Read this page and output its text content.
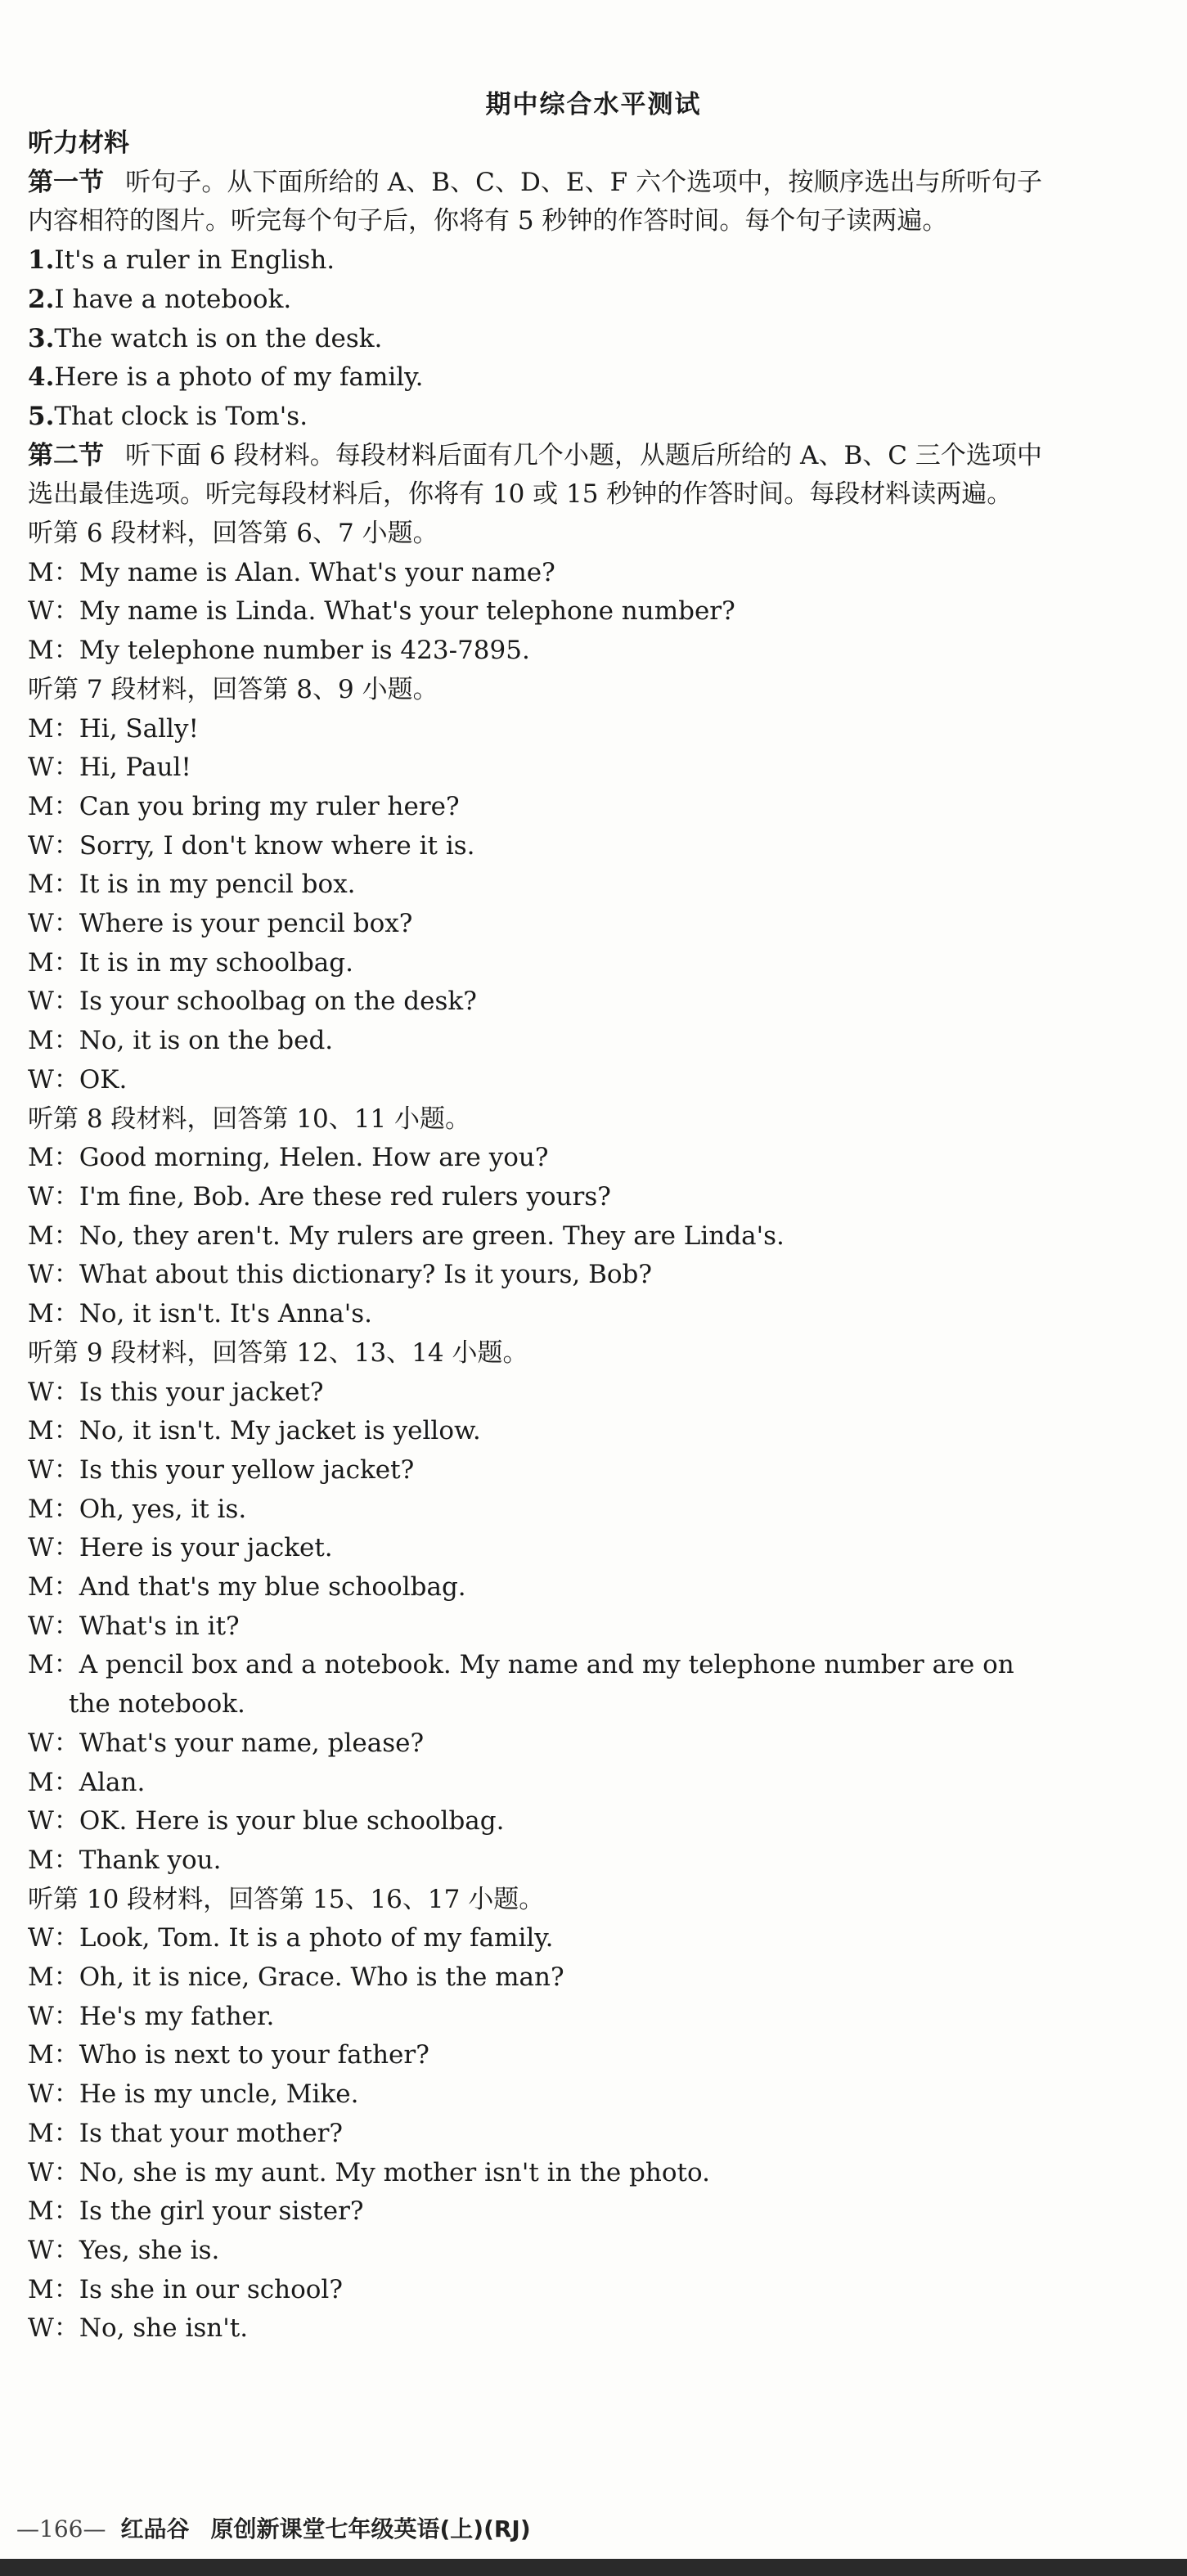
期中综合水平测试
听力材料
第一节 听句子。从下面所给的 A、B、C、D、E、F 六个选项中，按顺序选出与所听句子内容相符的图片。听完每个句子后，你将有 5 秒钟的作答时间。每个句子读两遍。
1.It's a ruler in English.
2.I have a notebook.
3.The watch is on the desk.
4.Here is a photo of my family.
5.That clock is Tom's.
第二节 听下面 6 段材料。每段材料后面有几个小题，从题后所给的 A、B、C 三个选项中选出最佳选项。听完每段材料后，你将有 10 或 15 秒钟的作答时间。每段材料读两遍。
听第 6 段材料，回答第 6、7 小题。
M：My name is Alan. What's your name?
W：My name is Linda. What's your telephone number?
M：My telephone number is 423-7895.
听第 7 段材料，回答第 8、9 小题。
M：Hi, Sally!
W：Hi, Paul!
M：Can you bring my ruler here?
W：Sorry, I don't know where it is.
M：It is in my pencil box.
W：Where is your pencil box?
M：It is in my schoolbag.
W：Is your schoolbag on the desk?
M：No, it is on the bed.
W：OK.
听第 8 段材料，回答第 10、11 小题。
M：Good morning, Helen. How are you?
W：I'm fine, Bob. Are these red rulers yours?
M：No, they aren't. My rulers are green. They are Linda's.
W：What about this dictionary? Is it yours, Bob?
M：No, it isn't. It's Anna's.
听第 9 段材料，回答第 12、13、14 小题。
W：Is this your jacket?
M：No, it isn't. My jacket is yellow.
W：Is this your yellow jacket?
M：Oh, yes, it is.
W：Here is your jacket.
M：And that's my blue schoolbag.
W：What's in it?
M：A pencil box and a notebook. My name and my telephone number are on the notebook.
W：What's your name, please?
M：Alan.
W：OK. Here is your blue schoolbag.
M：Thank you.
听第 10 段材料，回答第 15、16、17 小题。
W：Look, Tom. It is a photo of my family.
M：Oh, it is nice, Grace. Who is the man?
W：He's my father.
M：Who is next to your father?
W：He is my uncle, Mike.
M：Is that your mother?
W：No, she is my aunt. My mother isn't in the photo.
M：Is the girl your sister?
W：Yes, she is.
M：Is she in our school?
W：No, she isn't.
—166— 红品谷 原创新课堂七年级英语(上)(RJ)
